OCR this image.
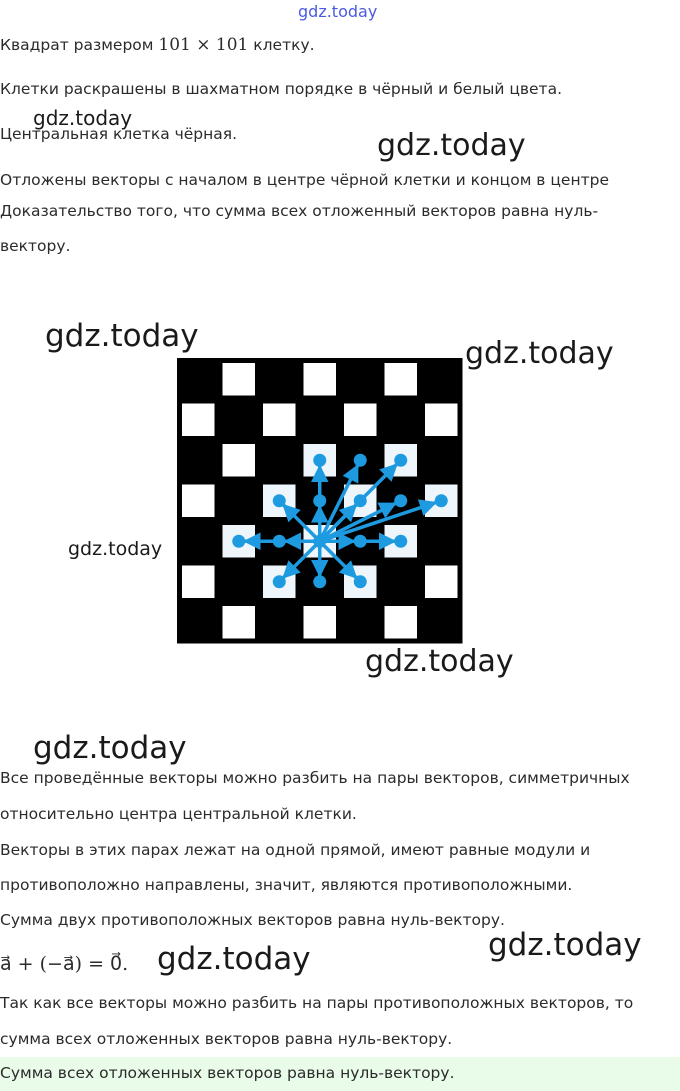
gdz.today
gdz.today
gdz.today
gdz.today	gdz.today
gdz.today
gdz.today
gdz.today
gdz.today
gdz.today
Квадрат размером 101 × 101 клетку.
Клетки раскрашены в шахматном порядке в чёрный и белый цвета.
Центральная клетка чёрная.
Отложены векторы с началом в центре чёрной клетки и концом в центре
Доказательство того, что сумма всех отложенный векторов равна нуль-
вектору.
Все проведённые векторы можно разбить на пары векторов, симметричных
относительно центра центральной клетки.
Векторы в этих парах лежат на одной прямой, имеют равные модули и
противоположно направлены, значит, являются противоположными.
Сумма двух противоположных векторов равна нуль-вектору.
a⃗ + (−a⃗) = 0⃗.
Так как все векторы можно разбить на пары противоположных векторов, то
сумма всех отложенных векторов равна нуль-вектору.
Сумма всех отложенных векторов равна нуль-вектору.
